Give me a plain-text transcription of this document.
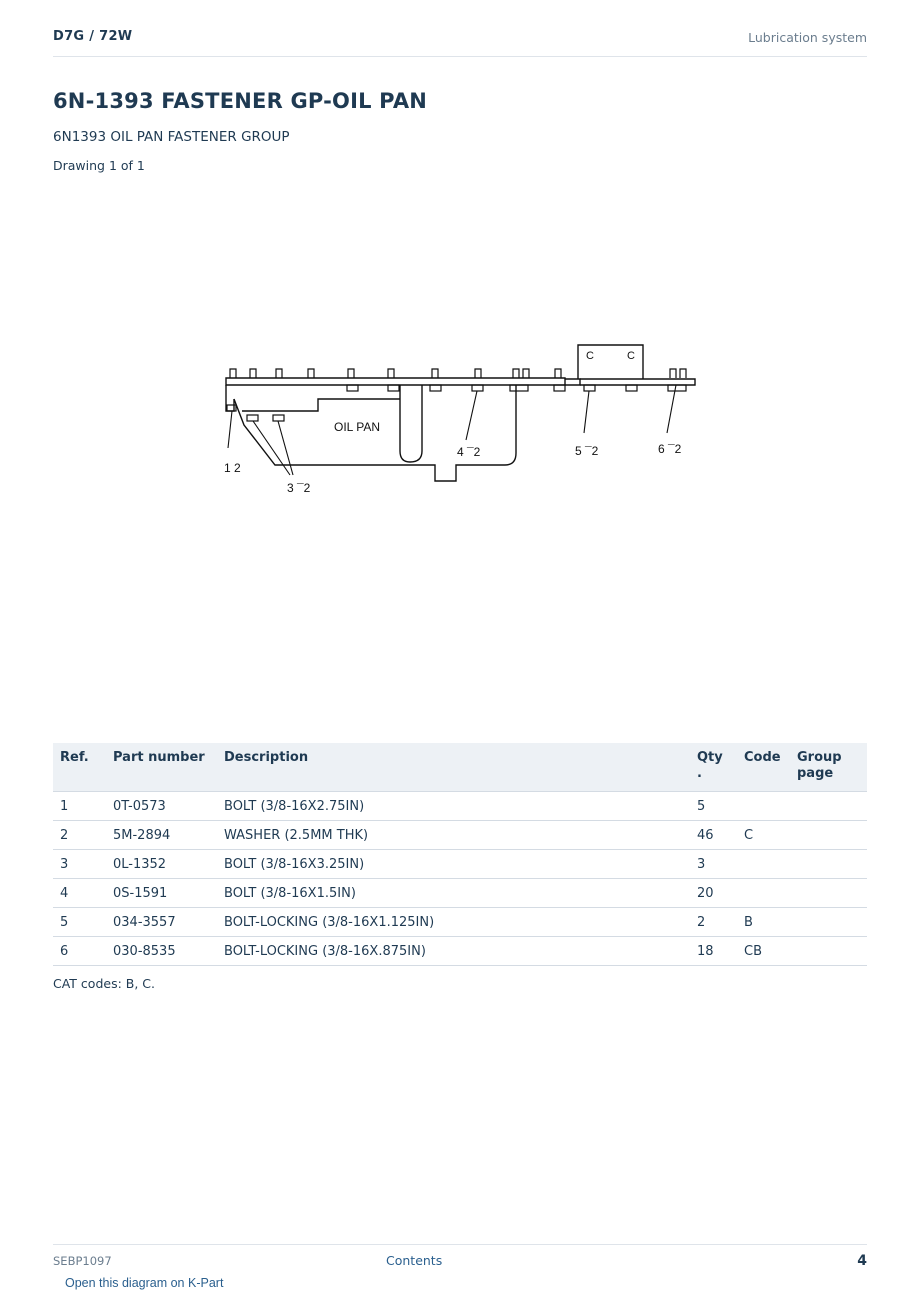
D7G / 72W	Lubrication system
6N-1393 FASTENER GP-OIL PAN
6N1393 OIL PAN FASTENER GROUP
Drawing 1 of 1
OIL PAN
1 2
3 ¯2
4 ¯2	5 ¯2	6 ¯2
C	C
Ref.	Part number	Description	Qty .	Code	Group page
1	0T-0573	BOLT (3/8-16X2.75IN)	5		
2	5M-2894	WASHER (2.5MM THK)	46	C	
3	0L-1352	BOLT (3/8-16X3.25IN)	3		
4	0S-1591	BOLT (3/8-16X1.5IN)	20		
5	034-3557	BOLT-LOCKING (3/8-16X1.125IN)	2	B	
6	030-8535	BOLT-LOCKING (3/8-16X.875IN)	18	CB	
CAT codes: B, C.
SEBP1097	Contents	4
Open this diagram on K-Part
